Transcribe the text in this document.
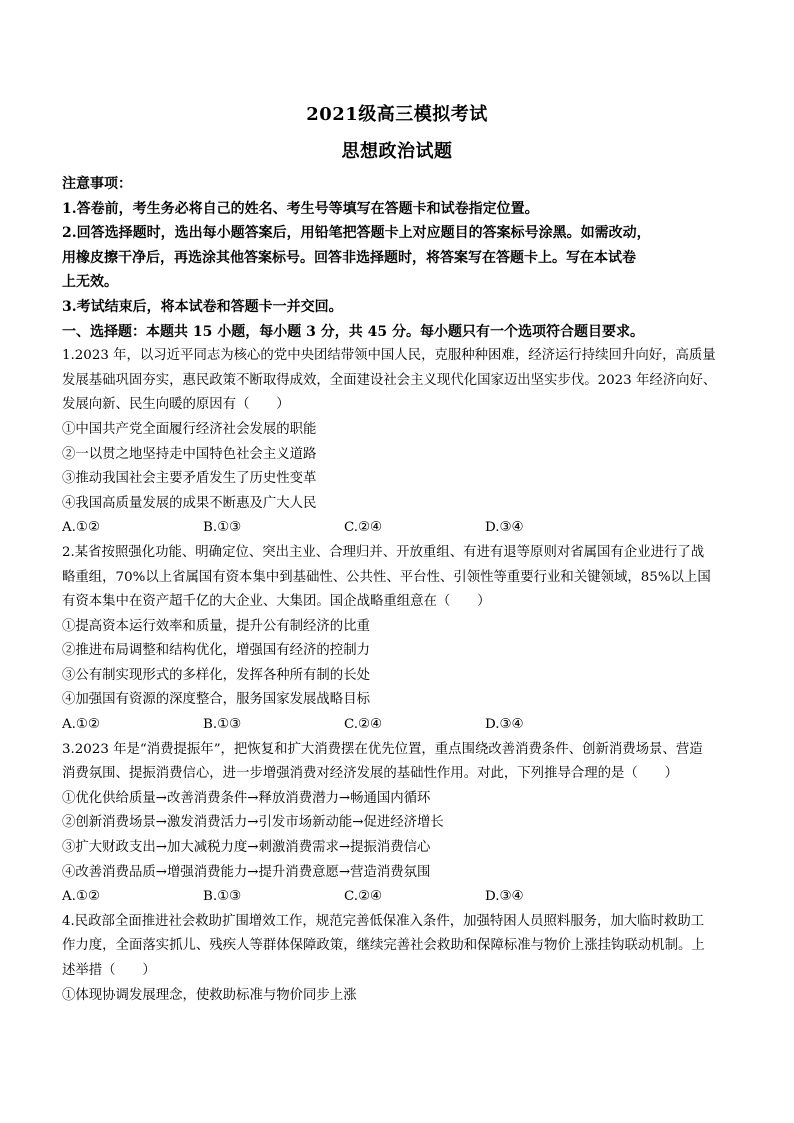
2021级高三模拟考试
思想政治试题
注意事项：
1.答卷前，考生务必将自己的姓名、考生号等填写在答题卡和试卷指定位置。
2.回答选择题时，选出每小题答案后，用铅笔把答题卡上对应题目的答案标号涂黑。如需改动，
用橡皮擦干净后，再选涂其他答案标号。回答非选择题时，将答案写在答题卡上。写在本试卷
上无效。
3.考试结束后，将本试卷和答题卡一并交回。
一、选择题：本题共 15 小题，每小题 3 分，共 45 分。每小题只有一个选项符合题目要求。
1.2023 年，以习近平同志为核心的党中央团结带领中国人民，克服种种困难，经济运行持续回升向好，高质量
发展基础巩固夯实，惠民政策不断取得成效，全面建设社会主义现代化国家迈出坚实步伐。2023 年经济向好、
发展向新、民生向暖的原因有（　　）
①中国共产党全面履行经济社会发展的职能
②一以贯之地坚持走中国特色社会主义道路
③推动我国社会主要矛盾发生了历史性变革
④我国高质量发展的成果不断惠及广大人民
A.①②	B.①③	C.②④	D.③④
2.某省按照强化功能、明确定位、突出主业、合理归并、开放重组、有进有退等原则对省属国有企业进行了战
略重组，70%以上省属国有资本集中到基础性、公共性、平台性、引领性等重要行业和关键领域，85%以上国
有资本集中在资产超千亿的大企业、大集团。国企战略重组意在（　　）
①提高资本运行效率和质量，提升公有制经济的比重
②推进布局调整和结构优化，增强国有经济的控制力
③公有制实现形式的多样化，发挥各种所有制的长处
④加强国有资源的深度整合，服务国家发展战略目标
A.①②	B.①③	C.②④	D.③④
3.2023 年是“消费提振年”，把恢复和扩大消费摆在优先位置，重点围绕改善消费条件、创新消费场景、营造
消费氛围、提振消费信心，进一步增强消费对经济发展的基础性作用。对此，下列推导合理的是（　　）
①优化供给质量→改善消费条件→释放消费潜力→畅通国内循环
②创新消费场景→激发消费活力→引发市场新动能→促进经济增长
③扩大财政支出→加大减税力度→刺激消费需求→提振消费信心
④改善消费品质→增强消费能力→提升消费意愿→营造消费氛围
A.①②	B.①③	C.②④	D.③④
4.民政部全面推进社会救助扩围增效工作，规范完善低保准入条件，加强特困人员照料服务，加大临时救助工
作力度，全面落实抓儿、残疾人等群体保障政策，继续完善社会救助和保障标准与物价上涨挂钩联动机制。上
述举措（　　）
①体现协调发展理念，使救助标准与物价同步上涨
